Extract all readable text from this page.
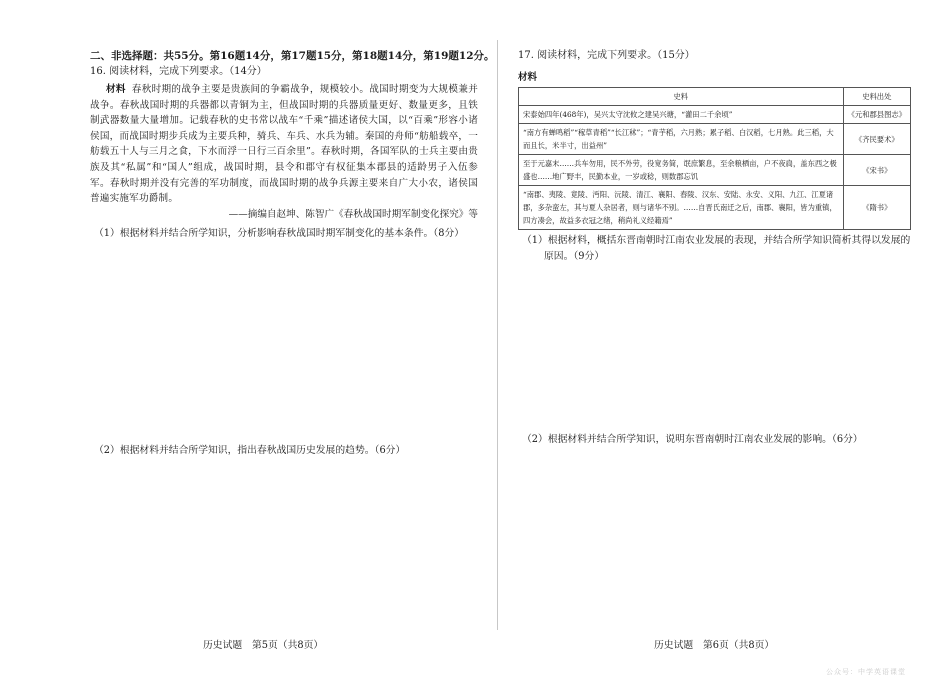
二、非选择题：共55分。第16题14分，第17题15分，第18题14分，第19题12分。
16. 阅读材料，完成下列要求。（14分）
材料 春秋时期的战争主要是贵族间的争霸战争，规模较小。战国时期变为大规模兼并战争。春秋战国时期的兵器都以青铜为主，但战国时期的兵器质量更好、数量更多，且铁制武器数量大量增加。记载春秋的史书常以战车“千乘”描述诸侯大国，以“百乘”形容小诸侯国，而战国时期步兵成为主要兵种，骑兵、车兵、水兵为辅。秦国的舟师“舫船载卒，一舫载五十人与三月之食，下水而浮一日行三百余里”。春秋时期，各国军队的士兵主要由贵族及其“私属”和“国人”组成，战国时期，县令和郡守有权征集本郡县的适龄男子入伍参军。春秋时期并没有完善的军功制度，而战国时期的战争兵源主要来自广大小农，诸侯国普遍实施军功爵制。
——摘编自赵坤、陈智广《春秋战国时期军制变化探究》等
（1）根据材料并结合所学知识，分析影响春秋战国时期军制变化的基本条件。（8分）
（2）根据材料并结合所学知识，指出春秋战国历史发展的趋势。（6分）
17. 阅读材料，完成下列要求。（15分）
材料
史料	史料出处
宋泰始四年(468年)，吴兴太守沈攸之建吴兴塘，“灌田二千余顷”	《元和郡县图志》
“南方有蝉鸣稻”“稼草青稻”“长江秫”；“青芋稻，六月熟；累子稻、白汉稻，七月熟。此三稻，大而且长，米半寸，出益州”	《齐民要术》
至于元嘉末……兵车勿用，民不外劳，役宽务简，氓庶繁息，至余粮栖亩，户不夜扃，盖东西之极盛也……地广野丰，民勤本业，一岁或稔，则数郡忘饥	《宋书》
“南郡、夷陵、竟陵、沔阳、沅陵、清江、襄阳、舂陵、汉东、安陆、永安、义阳、九江、江夏诸郡，多杂蛮左，其与夏人杂居者，则与诸华不别。……自晋氏南迁之后，南郡、襄阳，皆为重镇，四方凑会，故益多衣冠之绪，稍尚礼义经籍焉”	《隋书》
（1）根据材料，概括东晋南朝时江南农业发展的表现，并结合所学知识简析其得以发展的
原因。（9分）
（2）根据材料并结合所学知识，说明东晋南朝时江南农业发展的影响。（6分）
历史试题　第5页（共8页）	历史试题　第6页（共8页）
公众号：中学英语课堂
